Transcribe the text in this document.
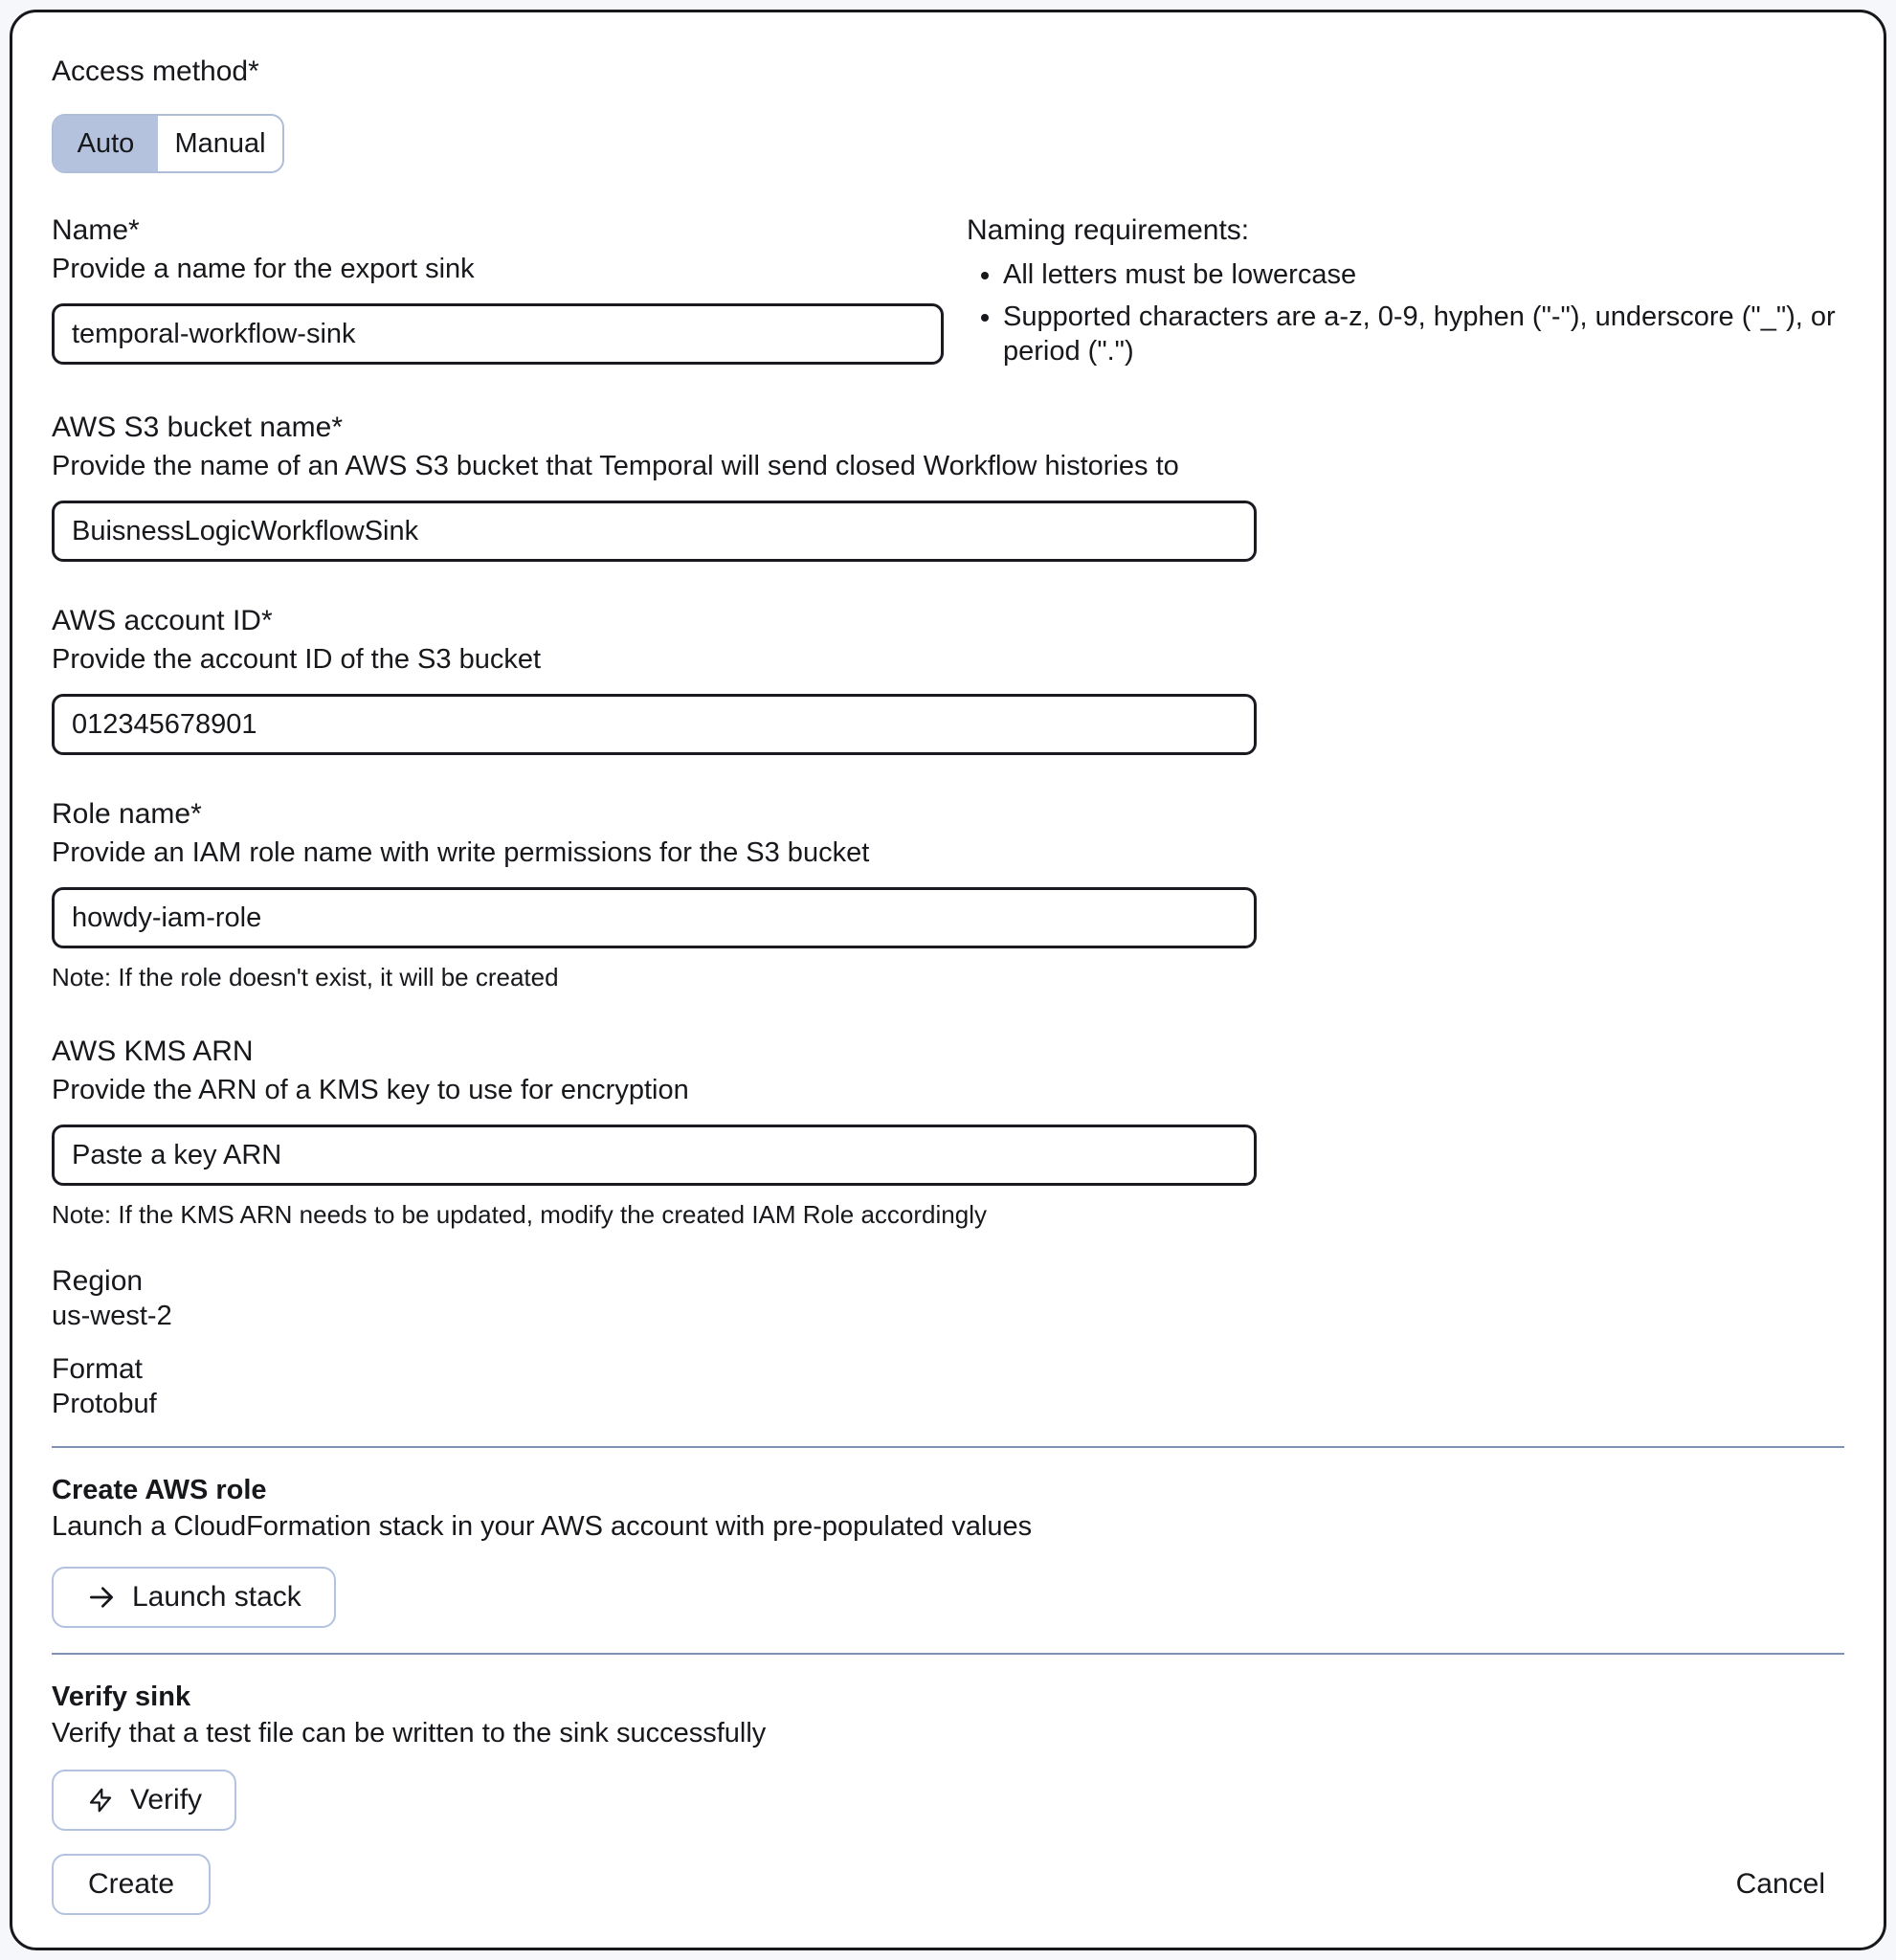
Access method*
Auto Manual
Name*
Provide a name for the export sink
temporal-workflow-sink
Naming requirements:
• All letters must be lowercase
• Supported characters are a-z, 0-9, hyphen ("-"), underscore ("_"), or period (".")
AWS S3 bucket name*
Provide the name of an AWS S3 bucket that Temporal will send closed Workflow histories to
BuisnessLogicWorkflowSink
AWS account ID*
Provide the account ID of the S3 bucket
012345678901
Role name*
Provide an IAM role name with write permissions for the S3 bucket
howdy-iam-role
Note: If the role doesn't exist, it will be created
AWS KMS ARN
Provide the ARN of a KMS key to use for encryption
Paste a key ARN
Note: If the KMS ARN needs to be updated, modify the created IAM Role accordingly
Region
us-west-2
Format
Protobuf
Create AWS role
Launch a CloudFormation stack in your AWS account with pre-populated values
Launch stack
Verify sink
Verify that a test file can be written to the sink successfully
Verify
Create	Cancel
